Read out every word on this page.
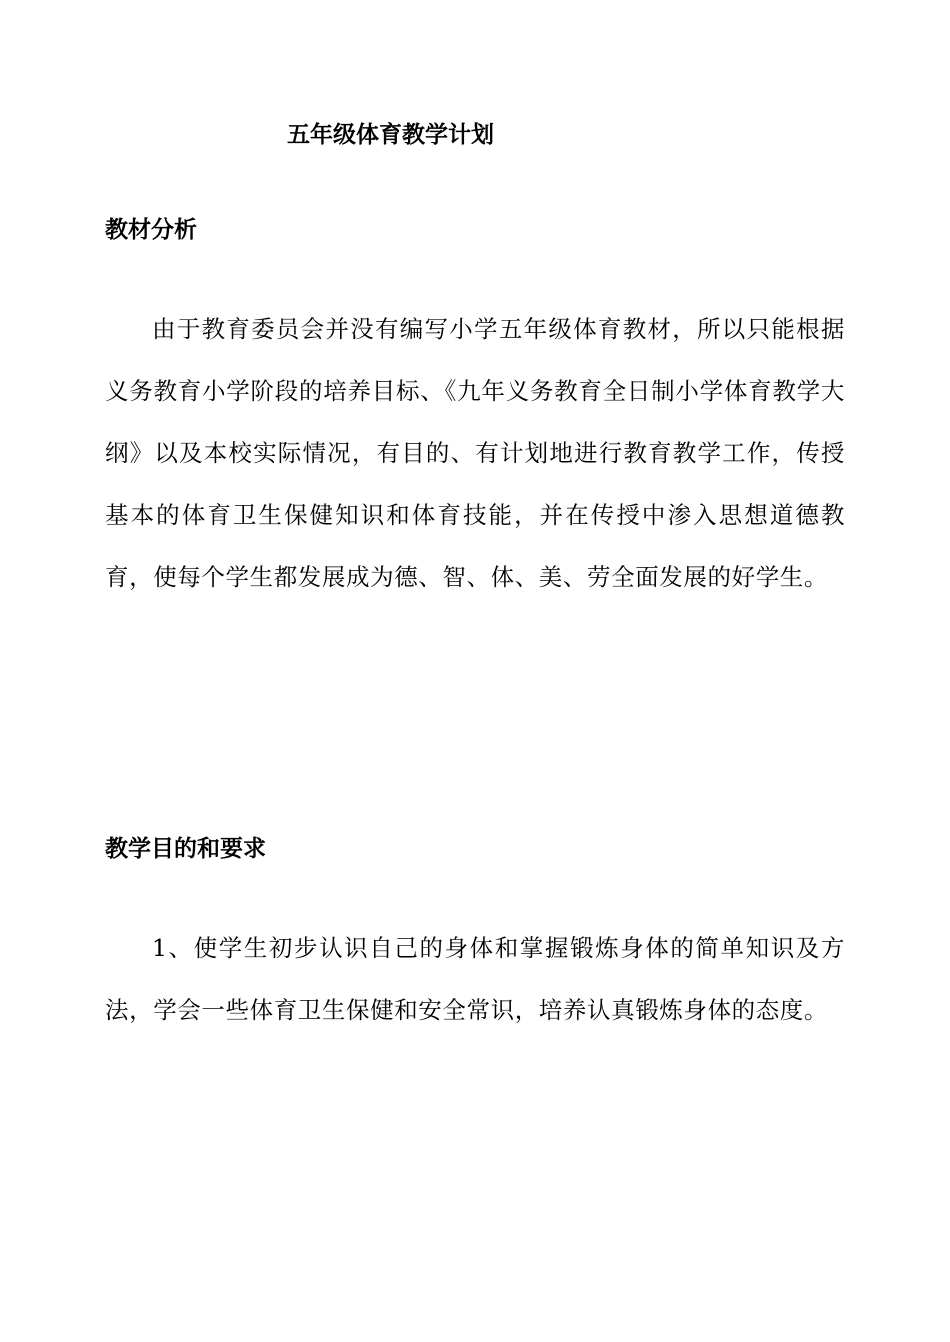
五年级体育教学计划
教材分析

由于教育委员会并没有编写小学五年级体育教材，所以只能根据义务教育小学阶段的培养目标、《九年义务教育全日制小学体育教学大纲》以及本校实际情况，有目的、有计划地进行教育教学工作，传授基本的体育卫生保健知识和体育技能，并在传授中渗入思想道德教育，使每个学生都发展成为德、智、体、美、劳全面发展的好学生。

教学目的和要求

1、使学生初步认识自己的身体和掌握锻炼身体的简单知识及方法，学会一些体育卫生保健和安全常识，培养认真锻炼身体的态度。
